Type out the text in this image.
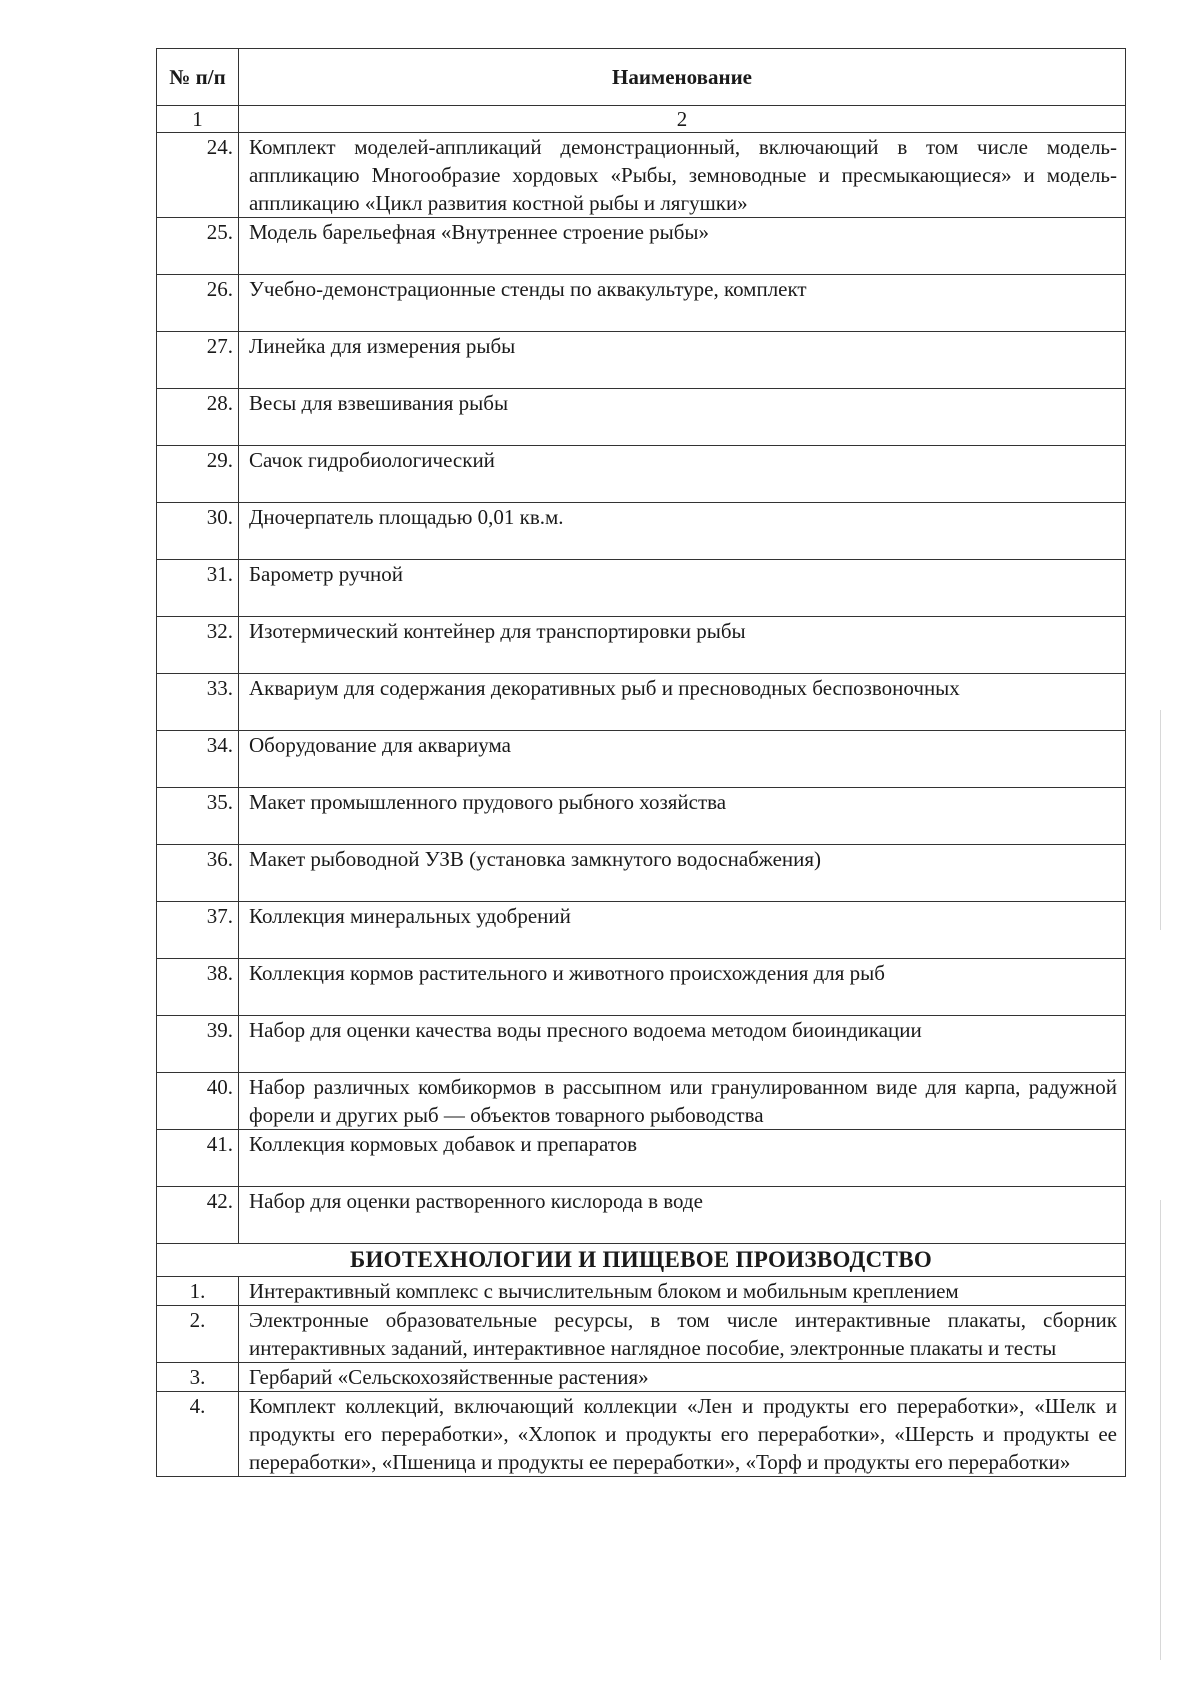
№ п/п	Наименование
1	2
24.	Комплект моделей-аппликаций демонстрационный, включающий в том числе модель-аппликацию Многообразие хордовых «Рыбы, земноводные и пресмыкающиеся» и модель-аппликацию «Цикл развития костной рыбы и лягушки»
25.	Модель барельефная «Внутреннее строение рыбы»
26.	Учебно-демонстрационные стенды по аквакультуре, комплект
27.	Линейка для измерения рыбы
28.	Весы для взвешивания рыбы
29.	Сачок гидробиологический
30.	Дночерпатель площадью 0,01 кв.м.
31.	Барометр ручной
32.	Изотермический контейнер для транспортировки рыбы
33.	Аквариум для содержания декоративных рыб и пресноводных беспозвоночных
34.	Оборудование для аквариума
35.	Макет промышленного прудового рыбного хозяйства
36.	Макет рыбоводной УЗВ (установка замкнутого водоснабжения)
37.	Коллекция минеральных удобрений
38.	Коллекция кормов растительного и животного происхождения для рыб
39.	Набор для оценки качества воды пресного водоема методом биоиндикации
40.	Набор различных комбикормов в рассыпном или гранулированном виде для карпа, радужной форели и других рыб — объектов товарного рыбоводства
41.	Коллекция кормовых добавок и препаратов
42.	Набор для оценки растворенного кислорода в воде
БИОТЕХНОЛОГИИ И ПИЩЕВОЕ ПРОИЗВОДСТВО	
1.	Интерактивный комплекс с вычислительным блоком и мобильным креплением
2.	Электронные образовательные ресурсы, в том числе интерактивные плакаты, сборник интерактивных заданий, интерактивное наглядное пособие, электронные плакаты и тесты
3.	Гербарий «Сельскохозяйственные растения»
4.	Комплект коллекций, включающий коллекции «Лен и продукты его переработки», «Шелк и продукты его переработки», «Хлопок и продукты его переработки», «Шерсть и продукты ее переработки», «Пшеница и продукты ее переработки», «Торф и продукты его переработки»
